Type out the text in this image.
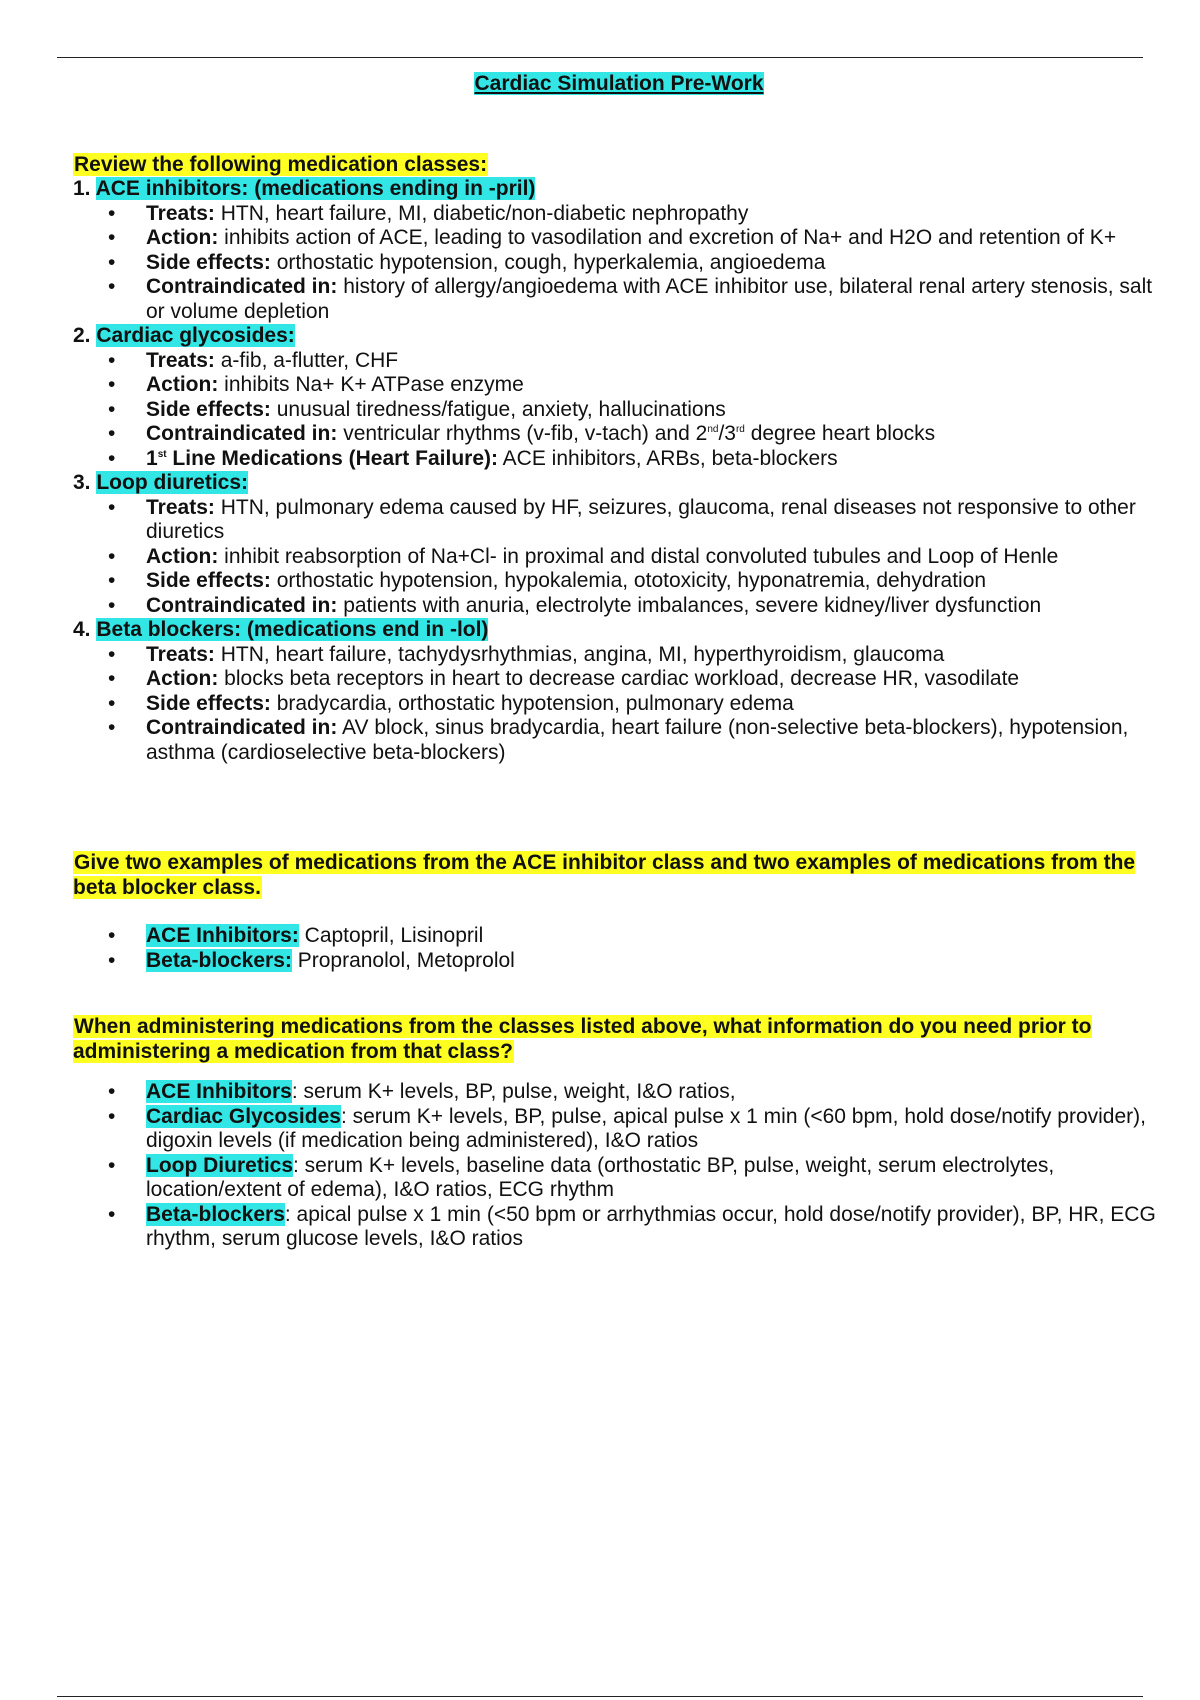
Cardiac Simulation Pre-Work

Review the following medication classes:

1. ACE inhibitors: (medications ending in -pril)

• Treats: HTN, heart failure, MI, diabetic/non-diabetic nephropathy
• Action: inhibits action of ACE, leading to vasodilation and excretion of Na+ and H2O and retention of K+
• Side effects: orthostatic hypotension, cough, hyperkalemia, angioedema
• Contraindicated in: history of allergy/angioedema with ACE inhibitor use, bilateral renal artery stenosis, salt or volume depletion

2. Cardiac glycosides:

• Treats: a-fib, a-flutter, CHF
• Action: inhibits Na+ K+ ATPase enzyme
• Side effects: unusual tiredness/fatigue, anxiety, hallucinations
• Contraindicated in: ventricular rhythms (v-fib, v-tach) and 2nd/3rd degree heart blocks
• 1st Line Medications (Heart Failure): ACE inhibitors, ARBs, beta-blockers

3. Loop diuretics:

• Treats: HTN, pulmonary edema caused by HF, seizures, glaucoma, renal diseases not responsive to other diuretics
• Action: inhibit reabsorption of Na+Cl- in proximal and distal convoluted tubules and Loop of Henle
• Side effects: orthostatic hypotension, hypokalemia, ototoxicity, hyponatremia, dehydration
• Contraindicated in: patients with anuria, electrolyte imbalances, severe kidney/liver dysfunction

4. Beta blockers: (medications end in -lol)

• Treats: HTN, heart failure, tachydysrhythmias, angina, MI, hyperthyroidism, glaucoma
• Action: blocks beta receptors in heart to decrease cardiac workload, decrease HR, vasodilate
• Side effects: bradycardia, orthostatic hypotension, pulmonary edema
• Contraindicated in: AV block, sinus bradycardia, heart failure (non-selective beta-blockers), hypotension, asthma (cardioselective beta-blockers)

Give two examples of medications from the ACE inhibitor class and two examples of medications from the beta blocker class.

• ACE Inhibitors: Captopril, Lisinopril
• Beta-blockers: Propranolol, Metoprolol

When administering medications from the classes listed above, what information do you need prior to administering a medication from that class?

• ACE Inhibitors: serum K+ levels, BP, pulse, weight, I&O ratios,
• Cardiac Glycosides: serum K+ levels, BP, pulse, apical pulse x 1 min (<60 bpm, hold dose/notify provider), digoxin levels (if medication being administered), I&O ratios
• Loop Diuretics: serum K+ levels, baseline data (orthostatic BP, pulse, weight, serum electrolytes, location/extent of edema), I&O ratios, ECG rhythm
• Beta-blockers: apical pulse x 1 min (<50 bpm or arrhythmias occur, hold dose/notify provider), BP, HR, ECG rhythm, serum glucose levels, I&O ratios
